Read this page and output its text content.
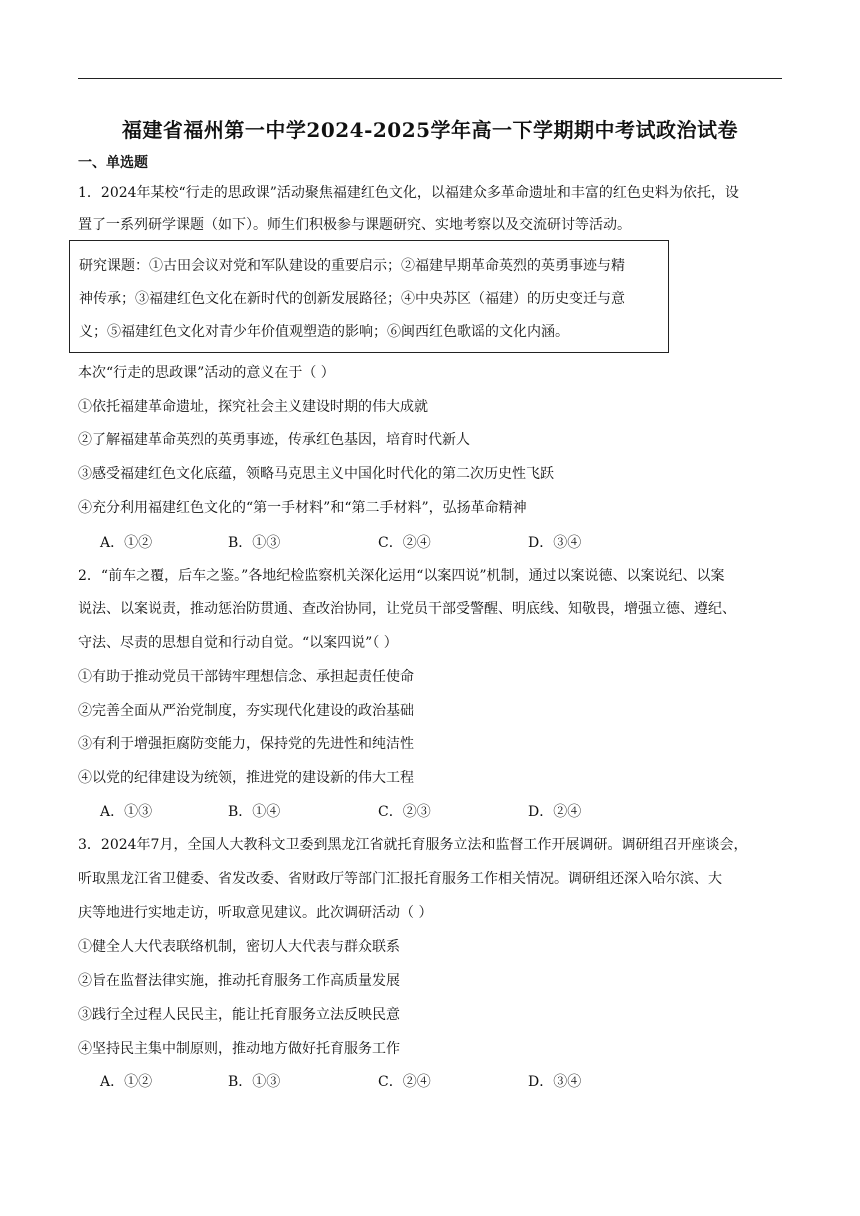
福建省福州第一中学2024-2025学年高一下学期期中考试政治试卷
一、单选题
1．2024年某校“行走的思政课”活动聚焦福建红色文化，以福建众多革命遗址和丰富的红色史料为依托，设
置了一系列研学课题（如下）。师生们积极参与课题研究、实地考察以及交流研讨等活动。
研究课题：①古田会议对党和军队建设的重要启示；②福建早期革命英烈的英勇事迹与精
神传承；③福建红色文化在新时代的创新发展路径；④中央苏区（福建）的历史变迁与意
义；⑤福建红色文化对青少年价值观塑造的影响；⑥闽西红色歌谣的文化内涵。
本次“行走的思政课”活动的意义在于（ ）
①依托福建革命遗址，探究社会主义建设时期的伟大成就
②了解福建革命英烈的英勇事迹，传承红色基因，培育时代新人
③感受福建红色文化底蕴，领略马克思主义中国化时代化的第二次历史性飞跃
④充分利用福建红色文化的“第一手材料”和“第二手材料”，弘扬革命精神
A．①②	B．①③	C．②④	D．③④
2．“前车之覆，后车之鉴。”各地纪检监察机关深化运用“以案四说”机制，通过以案说德、以案说纪、以案
说法、以案说责，推动惩治防贯通、查改治协同，让党员干部受警醒、明底线、知敬畏，增强立德、遵纪、
守法、尽责的思想自觉和行动自觉。“以案四说”（ ）
①有助于推动党员干部铸牢理想信念、承担起责任使命
②完善全面从严治党制度，夯实现代化建设的政治基础
③有利于增强拒腐防变能力，保持党的先进性和纯洁性
④以党的纪律建设为统领，推进党的建设新的伟大工程
A．①③	B．①④	C．②③	D．②④
3．2024年7月，全国人大教科文卫委到黑龙江省就托育服务立法和监督工作开展调研。调研组召开座谈会，
听取黑龙江省卫健委、省发改委、省财政厅等部门汇报托育服务工作相关情况。调研组还深入哈尔滨、大
庆等地进行实地走访，听取意见建议。此次调研活动（ ）
①健全人大代表联络机制，密切人大代表与群众联系
②旨在监督法律实施，推动托育服务工作高质量发展
③践行全过程人民民主，能让托育服务立法反映民意
④坚持民主集中制原则，推动地方做好托育服务工作
A．①②	B．①③	C．②④	D．③④
